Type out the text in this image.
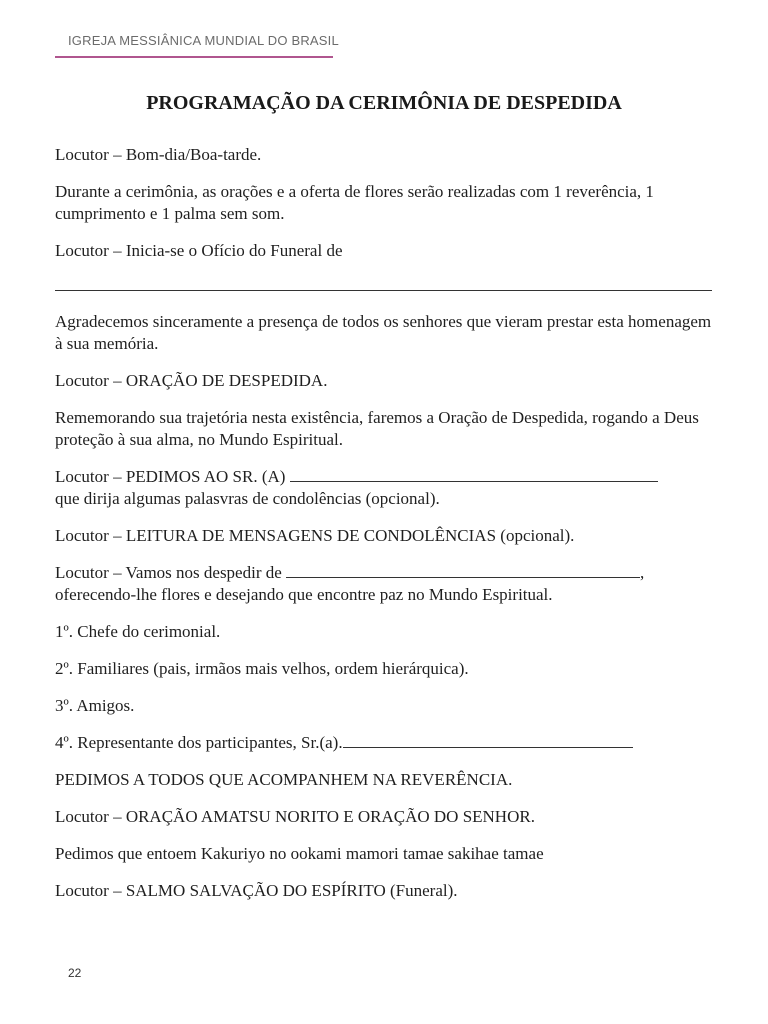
IGREJA MESSIÂNICA MUNDIAL DO BRASIL
PROGRAMAÇÃO DA CERIMÔNIA DE DESPEDIDA

Locutor – Bom-dia/Boa-tarde.

Durante a cerimônia, as orações e a oferta de flores serão realizadas com 1 reverência, 1 cumprimento e 1 palma sem som.

Locutor – Inicia-se o Ofício do Funeral de

Agradecemos sinceramente a presença de todos os senhores que vieram prestar esta homenagem à sua memória.

Locutor – ORAÇÃO DE DESPEDIDA.

Rememorando sua trajetória nesta existência, faremos a Oração de Despedida, rogando a Deus proteção à sua alma, no Mundo Espiritual.

Locutor – PEDIMOS AO SR. (A)
que dirija algumas palasvras de condolências (opcional).

Locutor – LEITURA DE MENSAGENS DE CONDOLÊNCIAS (opcional).

Locutor – Vamos nos despedir de	,
oferecendo-lhe flores e desejando que encontre paz no Mundo Espiritual.

1º. Chefe do cerimonial.

2º. Familiares (pais, irmãos mais velhos, ordem hierárquica).

3º. Amigos.

4º. Representante dos participantes, Sr.(a).

PEDIMOS A TODOS QUE ACOMPANHEM NA REVERÊNCIA.

Locutor – ORAÇÃO AMATSU NORITO E ORAÇÃO DO SENHOR.

Pedimos que entoem Kakuriyo no ookami mamori tamae sakihae tamae

Locutor – SALMO SALVAÇÃO DO ESPÍRITO (Funeral).

22
